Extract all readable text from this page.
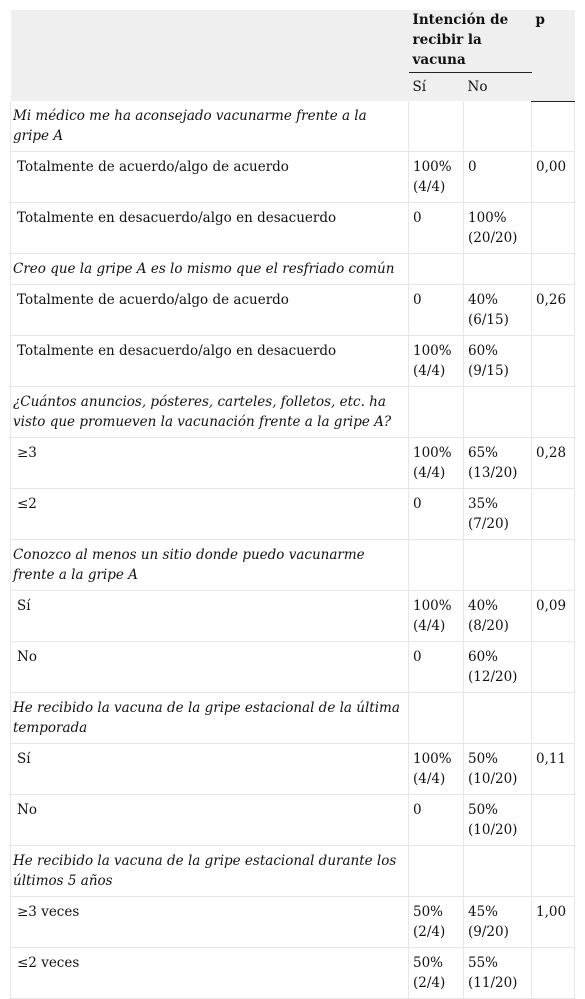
	Intención de recibir la vacuna		p
	Sí	No	
Mi médico me ha aconsejado vacunarme frente a la gripe A			
Totalmente de acuerdo/algo de acuerdo	100% (4/4)	0	0,00
Totalmente en desacuerdo/algo en desacuerdo	0	100% (20/20)	
Creo que la gripe A es lo mismo que el resfriado común			
Totalmente de acuerdo/algo de acuerdo	0	40% (6/15)	0,26
Totalmente en desacuerdo/algo en desacuerdo	100% (4/4)	60% (9/15)	
¿Cuántos anuncios, pósteres, carteles, folletos, etc. ha visto que promueven la vacunación frente a la gripe A?			
≥3	100% (4/4)	65% (13/20)	0,28
≤2	0	35% (7/20)	
Conozco al menos un sitio donde puedo vacunarme frente a la gripe A			
Sí	100% (4/4)	40% (8/20)	0,09
No	0	60% (12/20)	
He recibido la vacuna de la gripe estacional de la última temporada			
Sí	100% (4/4)	50% (10/20)	0,11
No	0	50% (10/20)	
He recibido la vacuna de la gripe estacional durante los últimos 5 años			
≥3 veces	50% (2/4)	45% (9/20)	1,00
≤2 veces	50% (2/4)	55% (11/20)	
